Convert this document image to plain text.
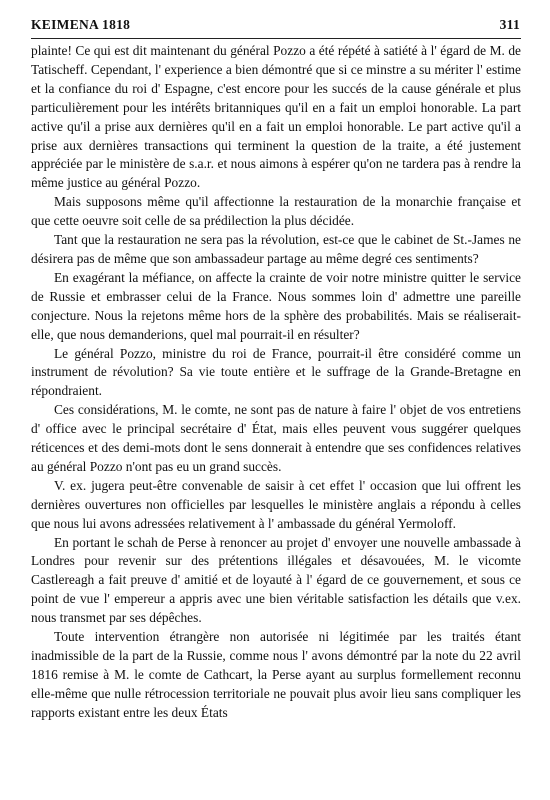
KEIMENA 1818	311

plainte! Ce qui est dit maintenant du général Pozzo a été répété à satiété à l' égard de M. de Tatischeff. Cependant, l' experience a bien démontré que si ce minstre a su mériter l' estime et la confiance du roi d' Espagne, c'est encore pour les succés de la cause générale et plus particulièrement pour les intérêts britanniques qu'il en a fait un emploi honorable. La part active qu'il a prise aux dernières qu'il en a fait un emploi honorable. Le part active qu'il a prise aux dernières transactions qui terminent la question de la traite, a été justement appréciée par le ministère de s.a.r. et nous aimons à espérer qu'on ne tardera pas à rendre la même justice au général Pozzo.

Mais supposons même qu'il affectionne la restauration de la monarchie française et que cette oeuvre soit celle de sa prédilection la plus décidée.

Tant que la restauration ne sera pas la révolution, est-ce que le cabinet de St.-James ne désirera pas de même que son ambassadeur partage au même degré ces sentiments?

En exagérant la méfiance, on affecte la crainte de voir notre ministre quitter le service de Russie et embrasser celui de la France. Nous sommes loin d' admettre une pareille conjecture. Nous la rejetons même hors de la sphère des probabilités. Mais se réaliserait-elle, que nous demanderions, quel mal pourrait-il en résulter?

Le général Pozzo, ministre du roi de France, pourrait-il être considéré comme un instrument de révolution? Sa vie toute entière et le suffrage de la Grande-Bretagne en répondraient.

Ces considérations, M. le comte, ne sont pas de nature à faire l' objet de vos entretiens d' office avec le principal secrétaire d' État, mais elles peuvent vous suggérer quelques réticences et des demi-mots dont le sens donnerait à entendre que ses confidences relatives au général Pozzo n'ont pas eu un grand succès.

V. ex. jugera peut-être convenable de saisir à cet effet l' occasion que lui offrent les dernières ouvertures non officielles par lesquelles le ministère anglais a répondu à celles que nous lui avons adressées relativement à l' ambassade du général Yermoloff.

En portant le schah de Perse à renoncer au projet d' envoyer une nouvelle ambassade à Londres pour revenir sur des prétentions illégales et désavouées, M. le vicomte Castlereagh a fait preuve d' amitié et de loyauté à l' égard de ce gouvernement, et sous ce point de vue l' empereur a appris avec une bien véritable satisfaction les détails que v.ex. nous transmet par ses dépêches.

Toute intervention étrangère non autorisée ni légitimée par les traités étant inadmissible de la part de la Russie, comme nous l' avons démontré par la note du 22 avril 1816 remise à M. le comte de Cathcart, la Perse ayant au surplus formellement reconnu elle-même que nulle rétrocession territoriale ne pouvait plus avoir lieu sans compliquer les rapports existant entre les deux États
